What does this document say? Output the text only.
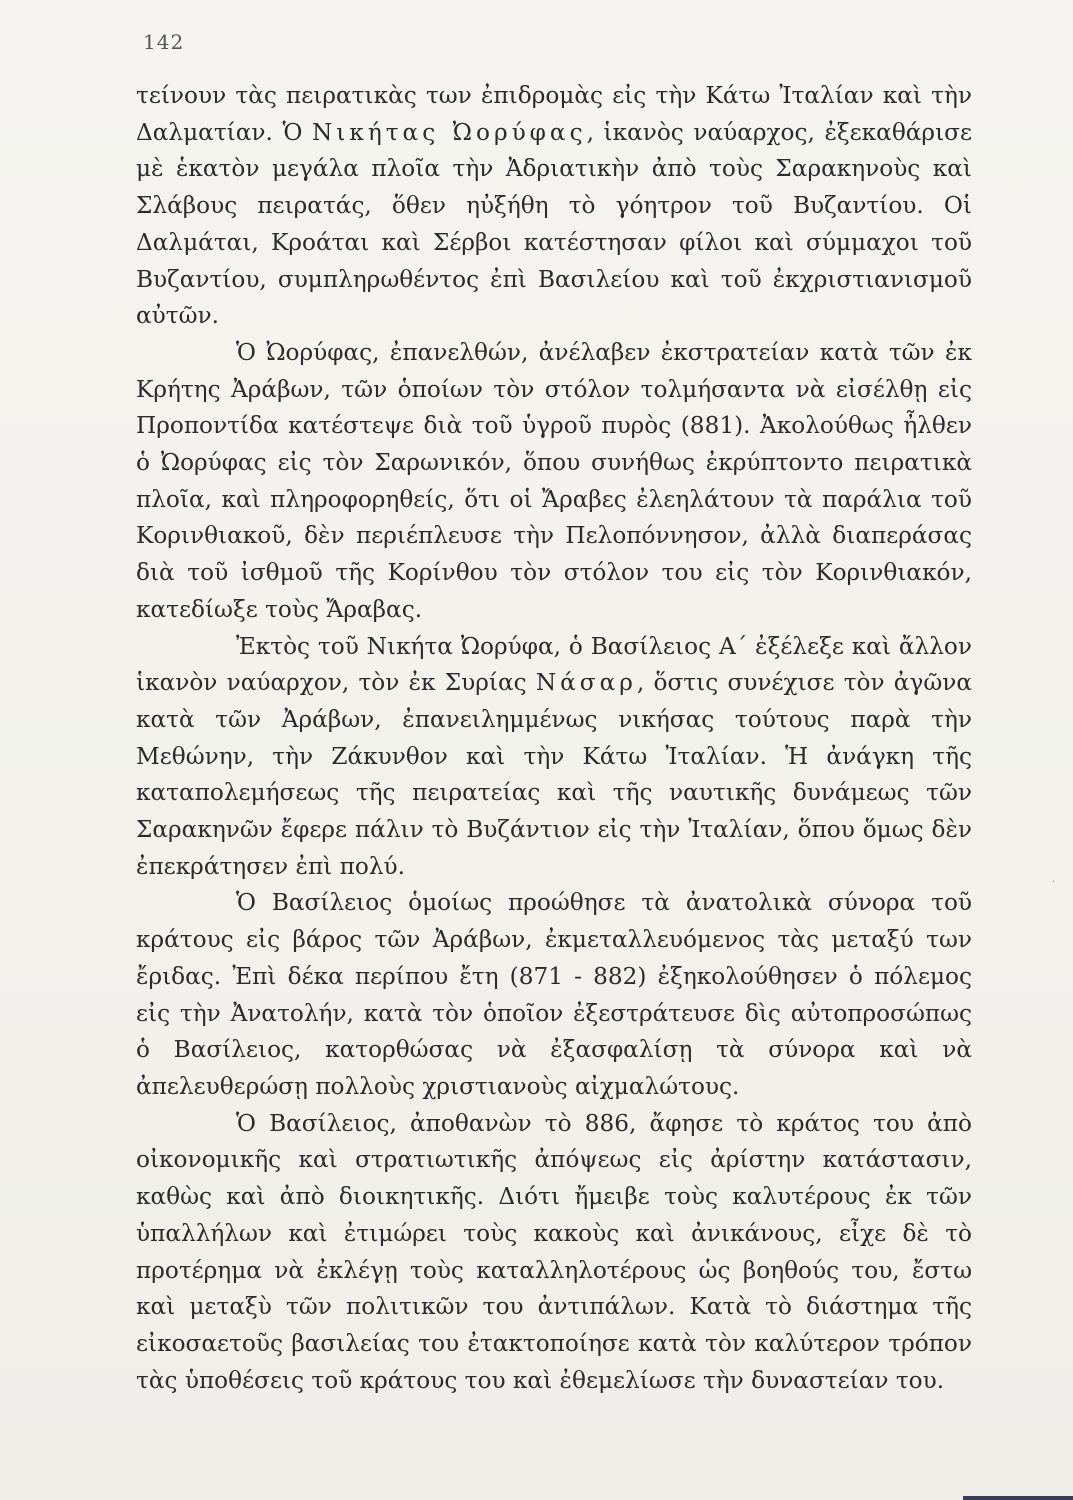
142

τείνουν τὰς πειρατικὰς των ἐπιδρομὰς εἰς τὴν Κάτω Ἰταλίαν καὶ τὴν Δαλματίαν. Ὁ Νικήτας Ὠορύφας, ἱκανὸς ναύαρχος, ἐξεκαθάρισε μὲ ἑκατὸν μεγάλα πλοῖα τὴν Ἀδριατικὴν ἀπὸ τοὺς Σαρακηνοὺς καὶ Σλάβους πειρατάς, ὅθεν ηὐξήθη τὸ γόητρον τοῦ Βυζαντίου. Οἱ Δαλμάται, Κροάται καὶ Σέρβοι κατέστησαν φίλοι καὶ σύμμαχοι τοῦ Βυζαντίου, συμπληρωθέντος ἐπὶ Βασιλείου καὶ τοῦ ἐκχριστιανισμοῦ αὐτῶν.

Ὁ Ὠορύφας, ἐπανελθών, ἀνέλαβεν ἐκστρατείαν κατὰ τῶν ἐκ Κρήτης Ἀράβων, τῶν ὁποίων τὸν στόλον τολμήσαντα νὰ εἰσέλθῃ εἰς Προποντίδα κατέστεψε διὰ τοῦ ὑγροῦ πυρὸς (881). Ἀκολούθως ἦλθεν ὁ Ὠορύφας εἰς τὸν Σαρωνικόν, ὅπου συνήθως ἐκρύπτοντο πειρατικὰ πλοῖα, καὶ πληροφορηθείς, ὅτι οἱ Ἄραβες ἐλεηλάτουν τὰ παράλια τοῦ Κορινθιακοῦ, δὲν περιέπλευσε τὴν Πελοπόννησον, ἀλλὰ διαπεράσας διὰ τοῦ ἰσθμοῦ τῆς Κορίνθου τὸν στόλον του εἰς τὸν Κορινθιακόν, κατεδίωξε τοὺς Ἄραβας.

Ἐκτὸς τοῦ Νικήτα Ὠορύφα, ὁ Βασίλειος Α΄ ἐξέλεξε καὶ ἄλλον ἱκανὸν ναύαρχον, τὸν ἐκ Συρίας Νάσαρ, ὅστις συνέχισε τὸν ἀγῶνα κατὰ τῶν Ἀράβων, ἐπανειλημμένως νικήσας τούτους παρὰ τὴν Μεθώνην, τὴν Ζάκυνθον καὶ τὴν Κάτω Ἰταλίαν. Ἡ ἀνάγκη τῆς καταπολεμήσεως τῆς πειρατείας καὶ τῆς ναυτικῆς δυνάμεως τῶν Σαρακηνῶν ἔφερε πάλιν τὸ Βυζάντιον εἰς τὴν Ἰταλίαν, ὅπου ὅμως δὲν ἐπεκράτησεν ἐπὶ πολύ.

Ὁ Βασίλειος ὁμοίως προώθησε τὰ ἀνατολικὰ σύνορα τοῦ κράτους εἰς βάρος τῶν Ἀράβων, ἐκμεταλλευόμενος τὰς μεταξύ των ἔριδας. Ἐπὶ δέκα περίπου ἔτη (871 - 882) ἐξηκολούθησεν ὁ πόλεμος εἰς τὴν Ἀνατολήν, κατὰ τὸν ὁποῖον ἐξεστράτευσε δὶς αὐτοπροσώπως ὁ Βασίλειος, κατορθώσας νὰ ἐξασφαλίσῃ τὰ σύνορα καὶ νὰ ἀπελευθερώσῃ πολλοὺς χριστιανοὺς αἰχμαλώτους.

Ὁ Βασίλειος, ἀποθανὼν τὸ 886, ἄφησε τὸ κράτος του ἀπὸ οἰκονομικῆς καὶ στρατιωτικῆς ἀπόψεως εἰς ἀρίστην κατάστασιν, καθὼς καὶ ἀπὸ διοικητικῆς. Διότι ἤμειβε τοὺς καλυτέρους ἐκ τῶν ὑπαλλήλων καὶ ἐτιμώρει τοὺς κακοὺς καὶ ἀνικάνους, εἶχε δὲ τὸ προτέρημα νὰ ἐκλέγῃ τοὺς καταλληλοτέρους ὡς βοηθούς του, ἔστω καὶ μεταξὺ τῶν πολιτικῶν του ἀντιπάλων. Κατὰ τὸ διάστημα τῆς εἰκοσαετοῦς βασιλείας του ἐτακτοποίησε κατὰ τὸν καλύτερον τρόπον τὰς ὑποθέσεις τοῦ κράτους του καὶ ἐθεμελίωσε τὴν δυναστείαν του.

ˈ
